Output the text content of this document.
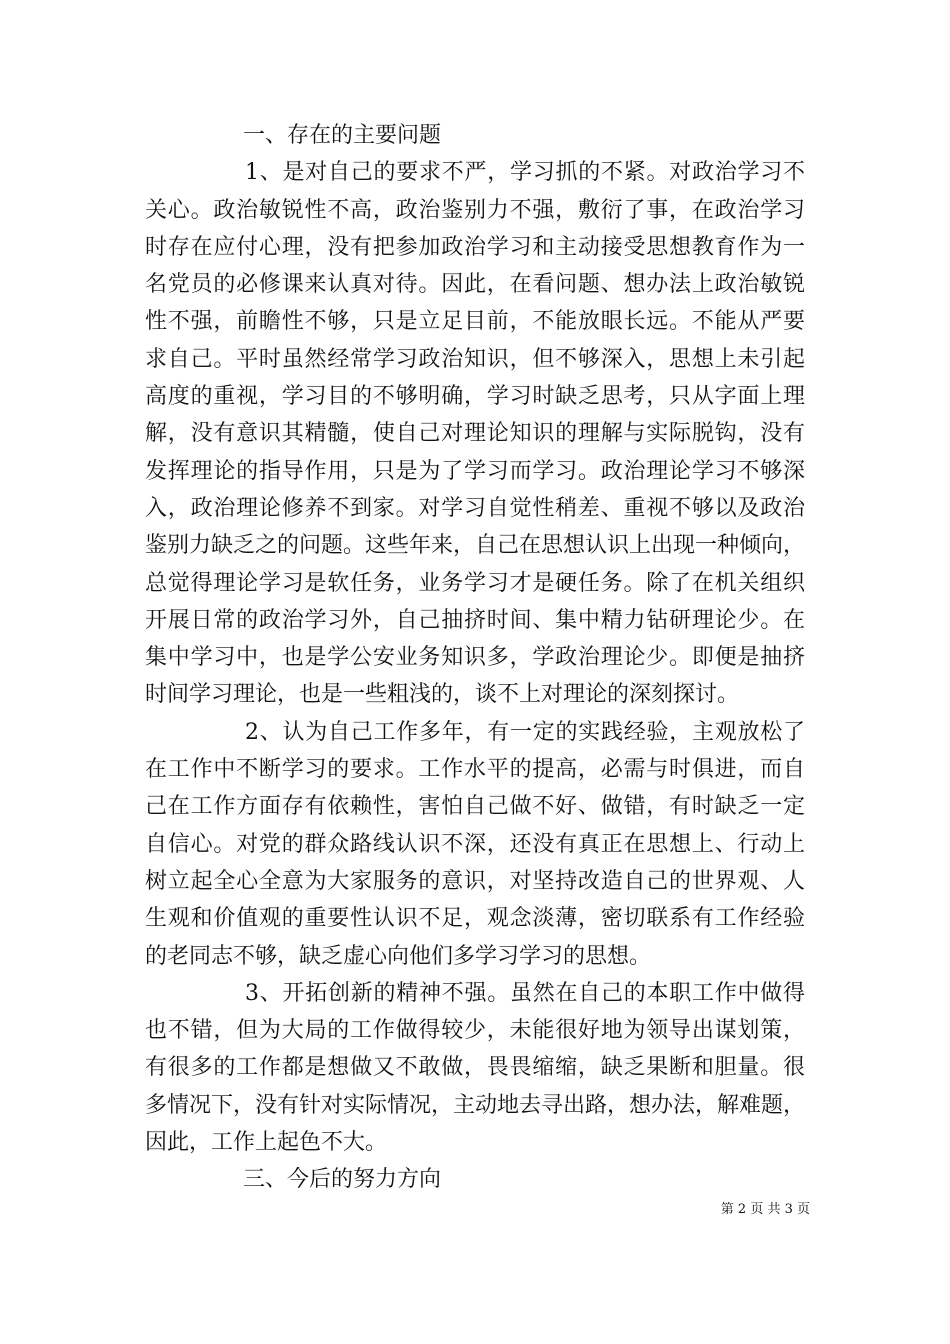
一、存在的主要问题
1、是对自己的要求不严，学习抓的不紧。对政治学习不
关心。政治敏锐性不高，政治鉴别力不强，敷衍了事，在政治学习
时存在应付心理，没有把参加政治学习和主动接受思想教育作为一
名党员的必修课来认真对待。因此，在看问题、想办法上政治敏锐
性不强，前瞻性不够，只是立足目前，不能放眼长远。不能从严要
求自己。平时虽然经常学习政治知识，但不够深入，思想上未引起
高度的重视，学习目的不够明确，学习时缺乏思考，只从字面上理
解，没有意识其精髓，使自己对理论知识的理解与实际脱钩，没有
发挥理论的指导作用，只是为了学习而学习。政治理论学习不够深
入，政治理论修养不到家。对学习自觉性稍差、重视不够以及政治
鉴别力缺乏之的问题。这些年来，自己在思想认识上出现一种倾向，
总觉得理论学习是软任务，业务学习才是硬任务。除了在机关组织
开展日常的政治学习外，自己抽挤时间、集中精力钻研理论少。在
集中学习中，也是学公安业务知识多，学政治理论少。即便是抽挤
时间学习理论，也是一些粗浅的，谈不上对理论的深刻探讨。
2、认为自己工作多年，有一定的实践经验，主观放松了
在工作中不断学习的要求。工作水平的提高，必需与时俱进，而自
己在工作方面存有依赖性，害怕自己做不好、做错，有时缺乏一定
自信心。对党的群众路线认识不深，还没有真正在思想上、行动上
树立起全心全意为大家服务的意识，对坚持改造自己的世界观、人
生观和价值观的重要性认识不足，观念淡薄，密切联系有工作经验
的老同志不够，缺乏虚心向他们多学习学习的思想。
3、开拓创新的精神不强。虽然在自己的本职工作中做得
也不错，但为大局的工作做得较少，未能很好地为领导出谋划策，
有很多的工作都是想做又不敢做，畏畏缩缩，缺乏果断和胆量。很
多情况下，没有针对实际情况，主动地去寻出路，想办法，解难题，
因此，工作上起色不大。
三、今后的努力方向
第 2 页 共 3 页
